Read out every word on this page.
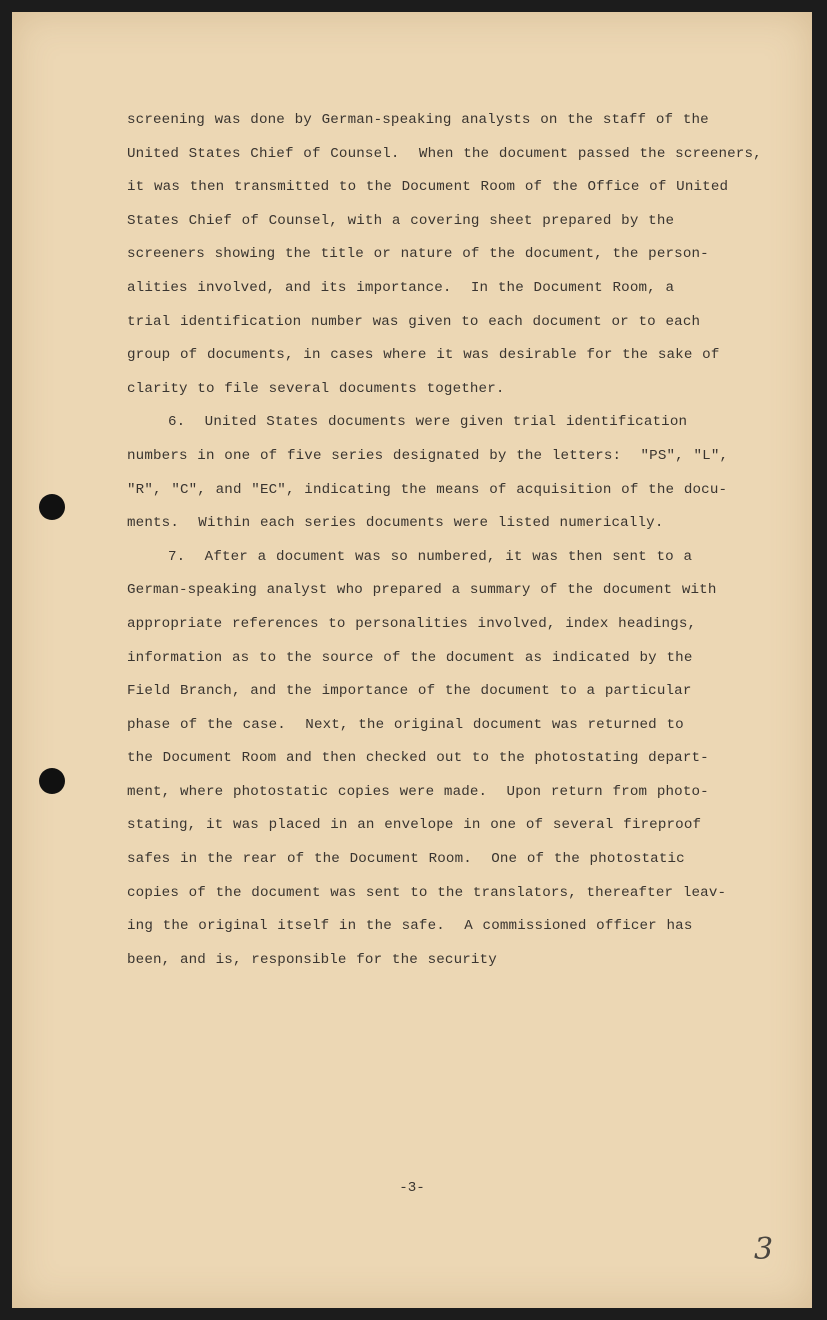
screening was done by German-speaking analysts on the staff of the
United States Chief of Counsel.  When the document passed the screeners,
it was then transmitted to the Document Room of the Office of United
States Chief of Counsel, with a covering sheet prepared by the
screeners showing the title or nature of the document, the person-
alities involved, and its importance.  In the Document Room, a
trial identification number was given to each document or to each
group of documents, in cases where it was desirable for the sake of
clarity to file several documents together.
6.  United States documents were given trial identification
numbers in one of five series designated by the letters:  "PS", "L",
"R", "C", and "EC", indicating the means of acquisition of the docu-
ments.  Within each series documents were listed numerically.
7.  After a document was so numbered, it was then sent to a
German-speaking analyst who prepared a summary of the document with
appropriate references to personalities involved, index headings,
information as to the source of the document as indicated by the
Field Branch, and the importance of the document to a particular
phase of the case.  Next, the original document was returned to
the Document Room and then checked out to the photostating depart-
ment, where photostatic copies were made.  Upon return from photo-
stating, it was placed in an envelope in one of several fireproof
safes in the rear of the Document Room.  One of the photostatic
copies of the document was sent to the translators, thereafter leav-
ing the original itself in the safe.  A commissioned officer has
been, and is, responsible for the security
-3-
3
